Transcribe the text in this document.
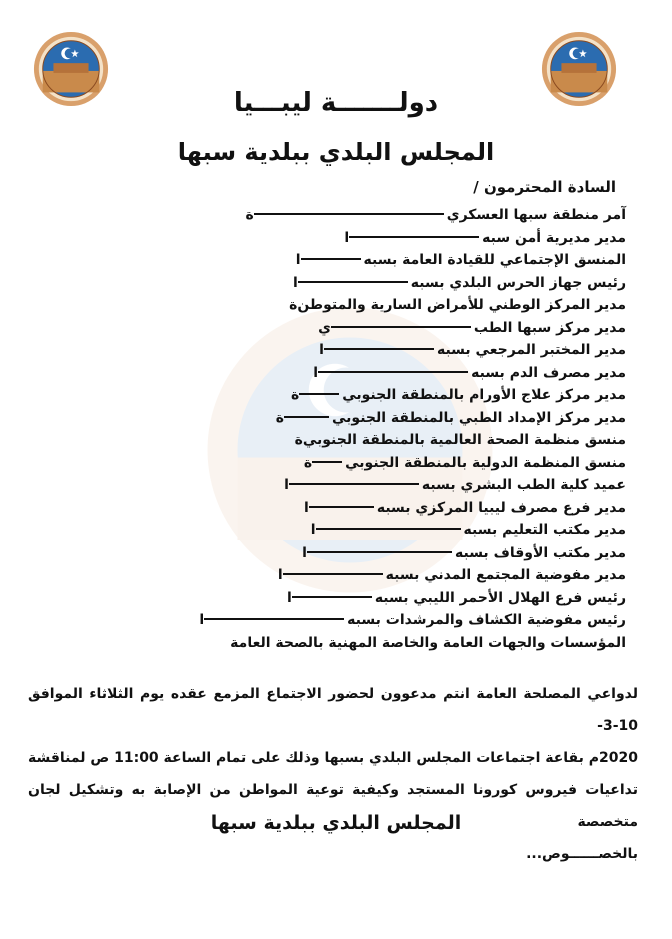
دولـــــــة ليبـــيا
المجلس البلدي ببلدية سبها
السادة المحترمون /
آمر منطقة سبها العسكري
ة
مدير مديرية أمن سبه
ا
المنسق الإجتماعي للقيادة العامة بسبه
ا
رئيس جهاز الحرس البلدي بسبه
ا
مدير المركز الوطني للأمراض السارية والمتوطن
ة
مدير مركز سبها الطب
ي
مدير المختبر المرجعي بسبه
ا
مدير مصرف الدم بسبه
ا
مدير مركز علاج الأورام بالمنطقة الجنوبي
ة
مدير مركز الإمداد الطبي بالمنطقة الجنوبي
ة
منسق منظمة الصحة العالمية بالمنطقة الجنوبي
ة
منسق المنظمة الدولية بالمنطقة الجنوبي
ة
عميد كلية الطب البشري بسبه
ا
مدير فرع مصرف ليبيا المركزي بسبه
ا
مدير مكتب التعليم بسبه
ا
مدير مكتب الأوقاف بسبه
ا
مدير مفوضية المجتمع المدني بسبه
ا
رئيس فرع الهلال الأحمر الليبي بسبه
ا
رئيس مفوضية الكشاف والمرشدات بسبه
ا
المؤسسات والجهات العامة والخاصة المهنية بالصحة العامة

لدواعي المصلحة العامة انتم مدعوون لحضور الاجتماع المزمع عقده يوم الثلاثاء الموافق 10-3-

2020م بقاعة اجتماعات المجلس البلدي بسبها وذلك على تمام الساعة 11:00 ص لمناقشة

تداعيات فيروس كورونا المستجد وكيفية توعية المواطن من الإصابة به وتشكيل لجان متخصصة

بالخصــــــوص...

المجلس البلدي ببلدية سبها
